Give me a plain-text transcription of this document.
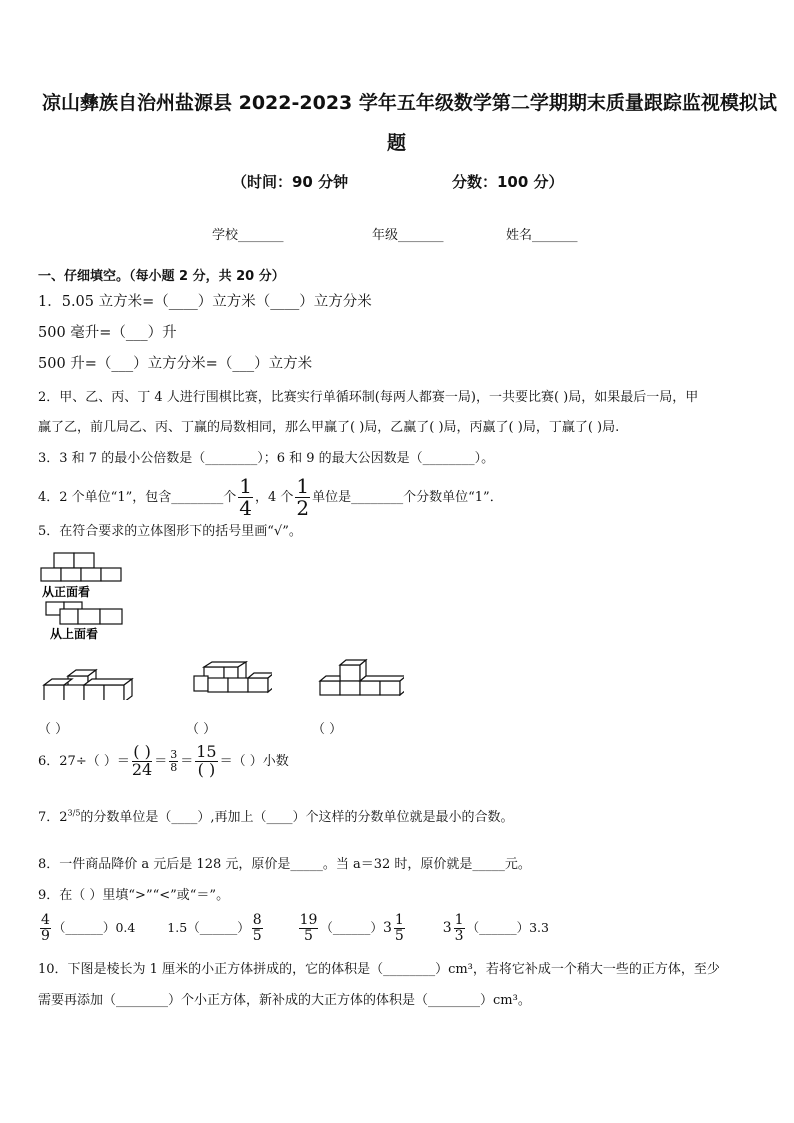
凉山彝族自治州盐源县 2022-2023 学年五年级数学第二学期期末质量跟踪监视模拟试
题
（时间：90 分钟	分数：100 分）
学校_______	年级_______	姓名_______
一、仔细填空。（每小题 2 分，共 20 分）
1．5.05 立方米=（____）立方米（____）立方分米
500 毫升=（___）升
500 升=（___）立方分米=（___）立方米
2．甲、乙、丙、丁 4 人进行围棋比赛，比赛实行单循环制(每两人都赛一局)，一共要比赛( )局，如果最后一局，甲
赢了乙，前几局乙、丙、丁赢的局数相同，那么甲赢了( )局，乙赢了( )局，丙赢了( )局，丁赢了( )局.
3．3 和 7 的最小公倍数是（________）；6 和 9 的最大公因数是（________）。
4．2 个单位“1”，包含________个 $\frac{1}{4}$ ，4 个 $\frac{1}{2}$ 单位是________个分数单位“1”．
5．在符合要求的立体图形下的括号里画“√”。
从正面看
从上面看
（ ）	（ ）	（ ）
6．27÷（ ）＝ $\frac{( )}{24} = \frac{3}{8} = \frac{15}{( )}$ ＝（ ）小数
7．$2^{3/5}$的分数单位是（____）,再加上（____）个这样的分数单位就是最小的合数。
8．一件商品降价 a 元后是 128 元，原价是_____。当 a＝32 时，原价就是_____元。
9．在（ ）里填“>”“<”或“＝”。
$\frac{4}{9}$ （______）0.4	1.5（______） $\frac{8}{5}$
	$\frac{19}{5}$ （______）3 $\frac{1}{5}$	$3 \frac{1}{3}$ （______）3.3
10．下图是棱长为 1 厘米的小正方体拼成的，它的体积是（________）cm³，若将它补成一个稍大一些的正方体，至少
需要再添加（________）个小正方体，新补成的大正方体的体积是（________）cm³。
